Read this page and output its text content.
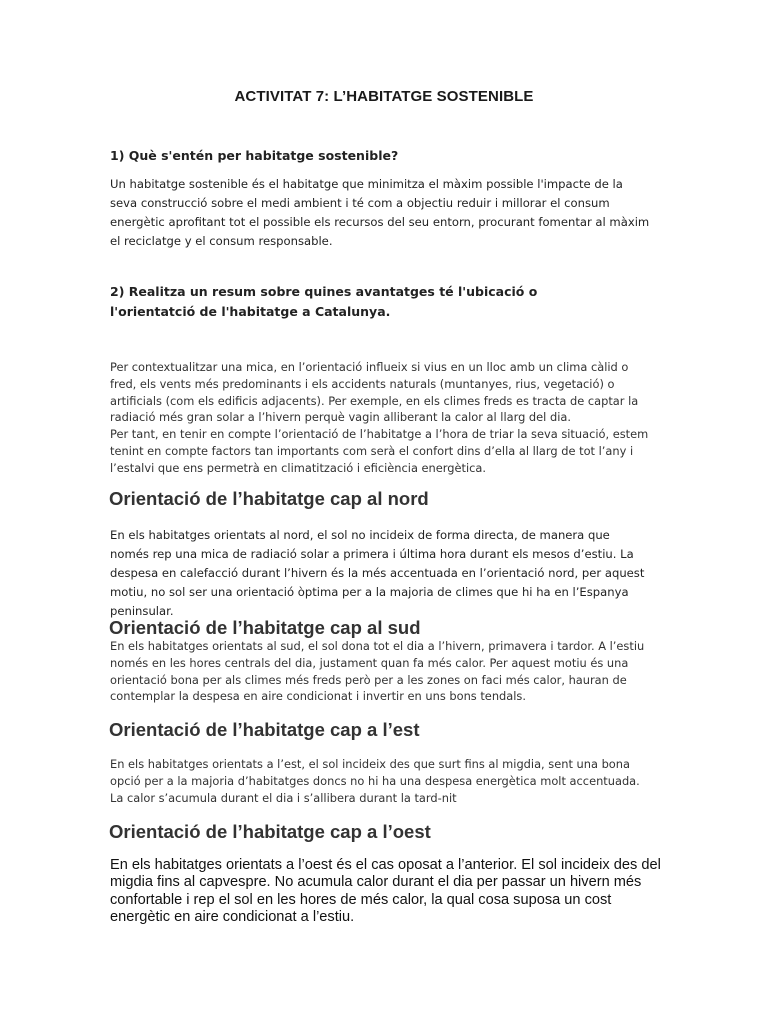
ACTIVITAT 7: L’HABITATGE SOSTENIBLE
1) Què s'entén per habitatge sostenible?

Un habitatge sostenible és el habitatge que minimitza el màxim possible l'impacte de la seva construcció sobre el medi ambient i té com a objectiu reduir i millorar el consum energètic aprofitant tot el possible els recursos del seu entorn, procurant fomentar al màxim el reciclatge y el consum responsable.

2) Realitza un resum sobre quines avantatges té l'ubicació o l'orientatció de l'habitatge a Catalunya.

Per contextualitzar una mica, en l’orientació influeix si vius en un lloc amb un clima càlid o fred, els vents més predominants i els accidents naturals (muntanyes, rius, vegetació) o artificials (com els edificis adjacents). Per exemple, en els climes freds es tracta de captar la radiació més gran solar a l’hivern perquè vagin alliberant la calor al llarg del dia.

Per tant, en tenir en compte l’orientació de l’habitatge a l’hora de triar la seva situació, estem tenint en compte factors tan importants com serà el confort dins d’ella al llarg de tot l’any i l’estalvi que ens permetrà en climatització i eficiència energètica.

Orientació de l’habitatge cap al nord

En els habitatges orientats al nord, el sol no incideix de forma directa, de manera que només rep una mica de radiació solar a primera i última hora durant els mesos d’estiu. La despesa en calefacció durant l’hivern és la més accentuada en l’orientació nord, per aquest motiu, no sol ser una orientació òptima per a la majoria de climes que hi ha en l’Espanya peninsular.

Orientació de l’habitatge cap al sud

En els habitatges orientats al sud, el sol dona tot el dia a l’hivern, primavera i tardor. A l’estiu només en les hores centrals del dia, justament quan fa més calor. Per aquest motiu és una orientació bona per als climes més freds però per a les zones on faci més calor, hauran de contemplar la despesa en aire condicionat i invertir en uns bons tendals.

Orientació de l’habitatge cap a l’est

En els habitatges orientats a l’est, el sol incideix des que surt fins al migdia, sent una bona opció per a la majoria d’habitatges doncs no hi ha una despesa energètica molt accentuada. La calor s’acumula durant el dia i s’allibera durant la tard-nit

Orientació de l’habitatge cap a l’oest

En els habitatges orientats a l’oest és el cas oposat a l’anterior. El sol incideix des del migdia fins al capvespre. No acumula calor durant el dia per passar un hivern més confortable i rep el sol en les hores de més calor, la qual cosa suposa un cost energètic en aire condicionat a l’estiu.
